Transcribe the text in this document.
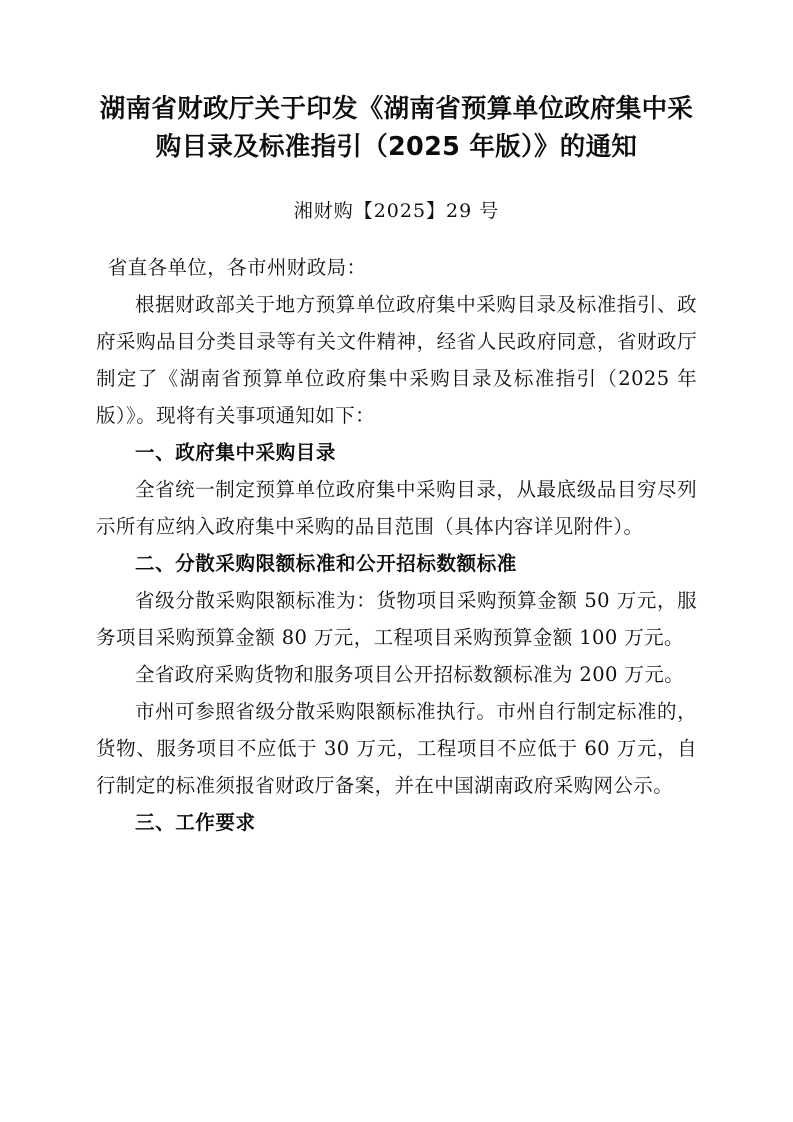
湖南省财政厅关于印发《湖南省预算单位政府集中采购目录及标准指引（2025 年版）》的通知
湘财购【2025】29 号

省直各单位，各市州财政局：

根据财政部关于地方预算单位政府集中采购目录及标准指引、政府采购品目分类目录等有关文件精神，经省人民政府同意，省财政厅制定了《湖南省预算单位政府集中采购目录及标准指引（2025 年版）》。现将有关事项通知如下：

一、政府集中采购目录

全省统一制定预算单位政府集中采购目录，从最底级品目穷尽列示所有应纳入政府集中采购的品目范围（具体内容详见附件）。

二、分散采购限额标准和公开招标数额标准

省级分散采购限额标准为：货物项目采购预算金额 50 万元，服务项目采购预算金额 80 万元，工程项目采购预算金额 100 万元。

全省政府采购货物和服务项目公开招标数额标准为 200 万元。

市州可参照省级分散采购限额标准执行。市州自行制定标准的，货物、服务项目不应低于 30 万元，工程项目不应低于 60 万元，自行制定的标准须报省财政厅备案，并在中国湖南政府采购网公示。

三、工作要求
